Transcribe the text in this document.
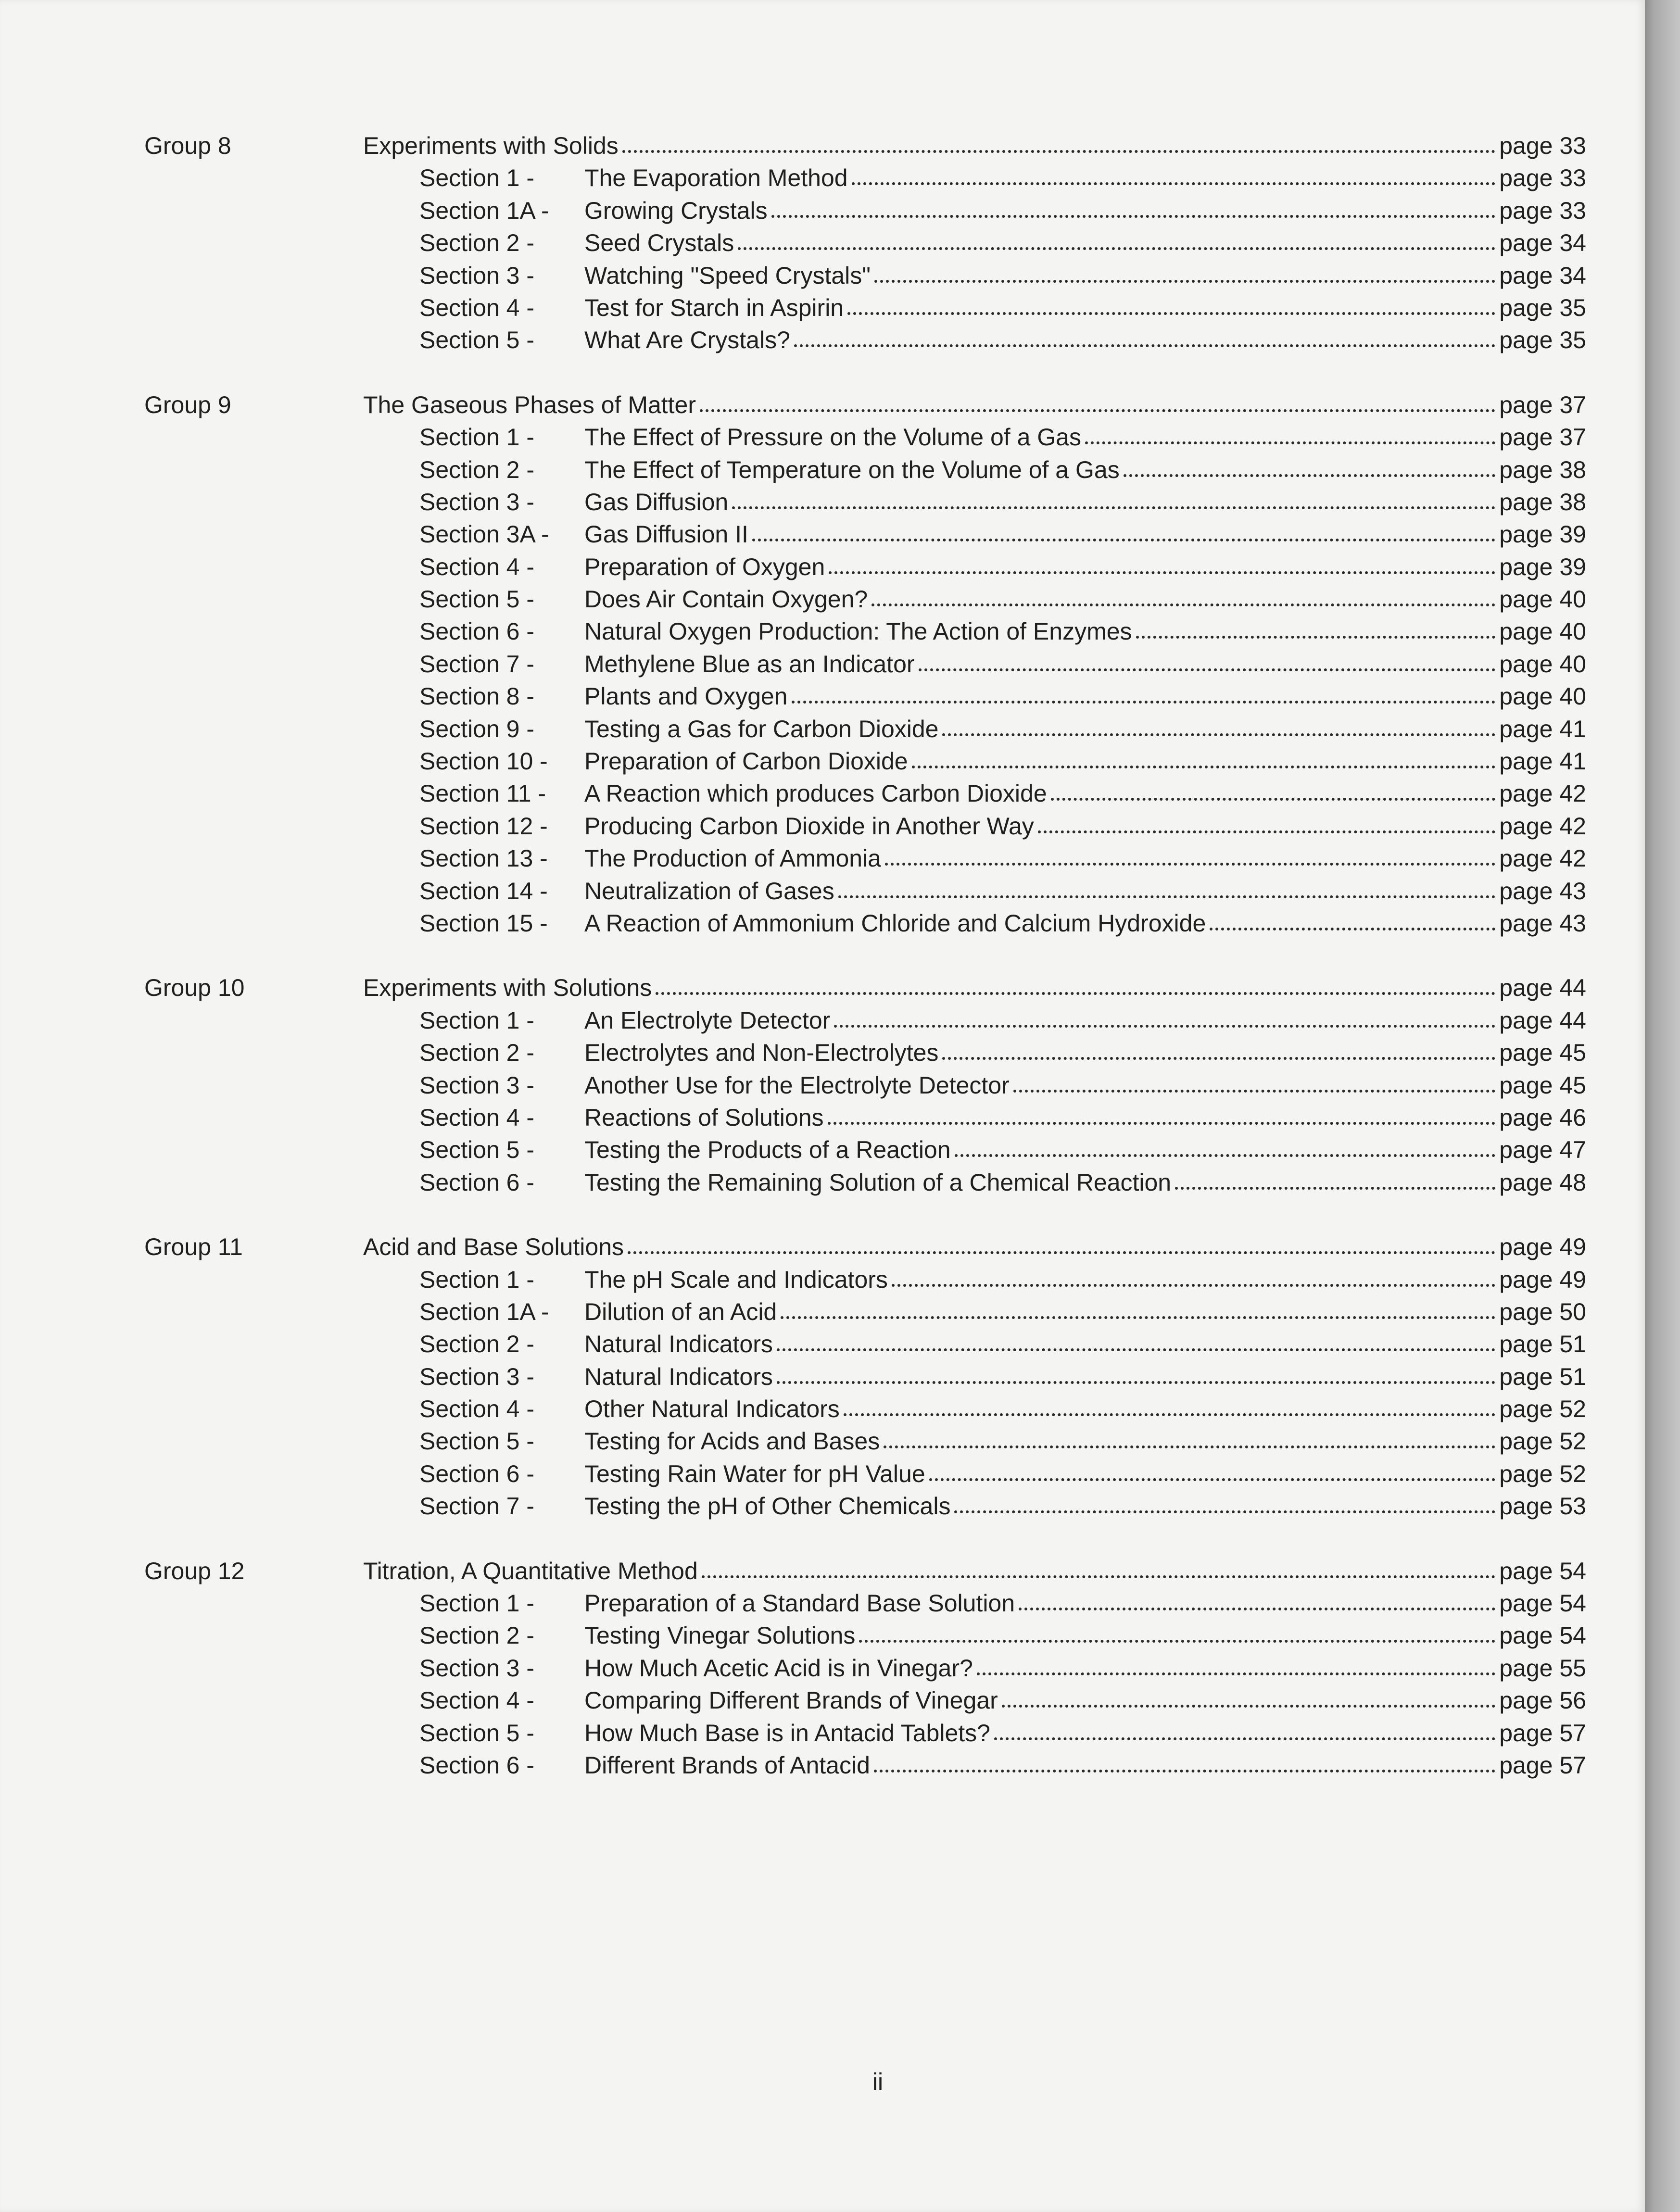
Group 8	Experiments with Solids	page 33
Section 1 -	The Evaporation Method	page 33
Section 1A -	Growing Crystals	page 33
Section 2 -	Seed Crystals	page 34
Section 3 -	Watching "Speed Crystals"	page 34
Section 4 -	Test for Starch in Aspirin	page 35
Section 5 -	What Are Crystals?	page 35
Group 9	The Gaseous Phases of Matter	page 37
Section 1 -	The Effect of Pressure on the Volume of a Gas	page 37
Section 2 -	The Effect of Temperature on the Volume of a Gas	page 38
Section 3 -	Gas Diffusion	page 38
Section 3A -	Gas Diffusion II	page 39
Section 4 -	Preparation of Oxygen	page 39
Section 5 -	Does Air Contain Oxygen?	page 40
Section 6 -	Natural Oxygen Production: The Action of Enzymes	page 40
Section 7 -	Methylene Blue as an Indicator	page 40
Section 8 -	Plants and Oxygen	page 40
Section 9 -	Testing a Gas for Carbon Dioxide	page 41
Section 10 -	Preparation of Carbon Dioxide	page 41
Section 11 -	A Reaction which produces Carbon Dioxide	page 42
Section 12 -	Producing Carbon Dioxide in Another Way	page 42
Section 13 -	The Production of Ammonia	page 42
Section 14 -	Neutralization of Gases	page 43
Section 15 -	A Reaction of Ammonium Chloride and Calcium Hydroxide	page 43
Group 10	Experiments with Solutions	page 44
Section 1 -	An Electrolyte Detector	page 44
Section 2 -	Electrolytes and Non-Electrolytes	page 45
Section 3 -	Another Use for the Electrolyte Detector	page 45
Section 4 -	Reactions of Solutions	page 46
Section 5 -	Testing the Products of a Reaction	page 47
Section 6 -	Testing the Remaining Solution of a Chemical Reaction	page 48
Group 11	Acid and Base Solutions	page 49
Section 1 -	The pH Scale and Indicators	page 49
Section 1A -	Dilution of an Acid	page 50
Section 2 -	Natural Indicators	page 51
Section 3 -	Natural Indicators	page 51
Section 4 -	Other Natural Indicators	page 52
Section 5 -	Testing for Acids and Bases	page 52
Section 6 -	Testing Rain Water for pH Value	page 52
Section 7 -	Testing the pH of Other Chemicals	page 53
Group 12	Titration, A Quantitative Method	page 54
Section 1 -	Preparation of a Standard Base Solution	page 54
Section 2 -	Testing Vinegar Solutions	page 54
Section 3 -	How Much Acetic Acid is in Vinegar?	page 55
Section 4 -	Comparing Different Brands of Vinegar	page 56
Section 5 -	How Much Base is in Antacid Tablets?	page 57
Section 6 -	Different Brands of Antacid	page 57
ii
